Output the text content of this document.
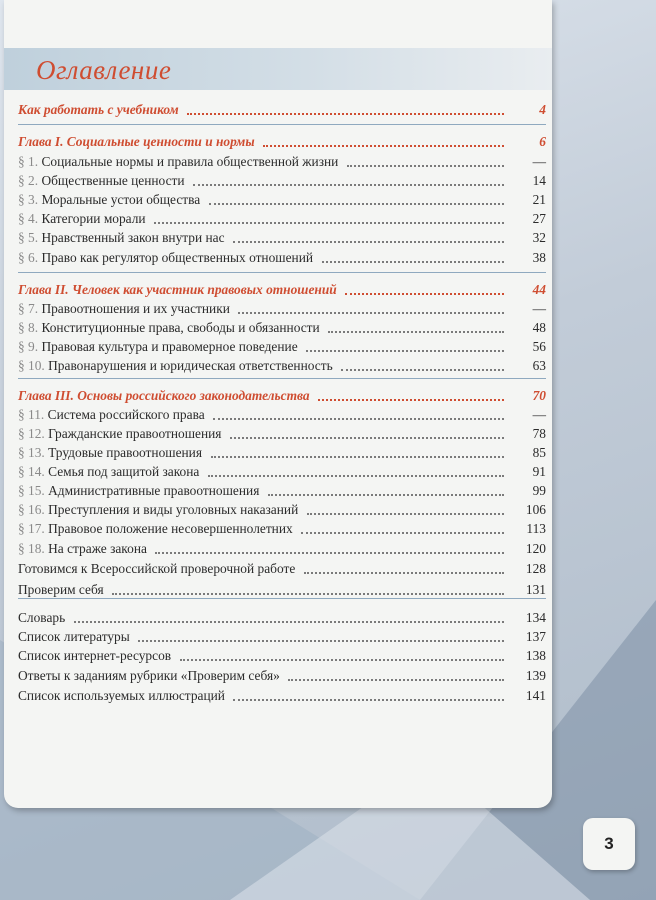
Оглавление
Как работать с учебником	4
Глава I. Социальные ценности и нормы	6
§ 1. Социальные нормы и правила общественной жизни	—
§ 2. Общественные ценности	14
§ 3. Моральные устои общества	21
§ 4. Категории морали	27
§ 5. Нравственный закон внутри нас	32
§ 6. Право как регулятор общественных отношений	38
Глава II. Человек как участник правовых отношений	44
§ 7. Правоотношения и их участники	—
§ 8. Конституционные права, свободы и обязанности	48
§ 9. Правовая культура и правомерное поведение	56
§ 10. Правонарушения и юридическая ответственность	63
Глава III. Основы российского законодательства	70
§ 11. Система российского права	—
§ 12. Гражданские правоотношения	78
§ 13. Трудовые правоотношения	85
§ 14. Семья под защитой закона	91
§ 15. Административные правоотношения	99
§ 16. Преступления и виды уголовных наказаний	106
§ 17. Правовое положение несовершеннолетних	113
§ 18. На страже закона	120
Готовимся к Всероссийской проверочной работе	128
Проверим себя	131
Словарь	134
Список литературы	137
Список интернет-ресурсов	138
Ответы к заданиям рубрики «Проверим себя»	139
Список используемых иллюстраций	141
3
